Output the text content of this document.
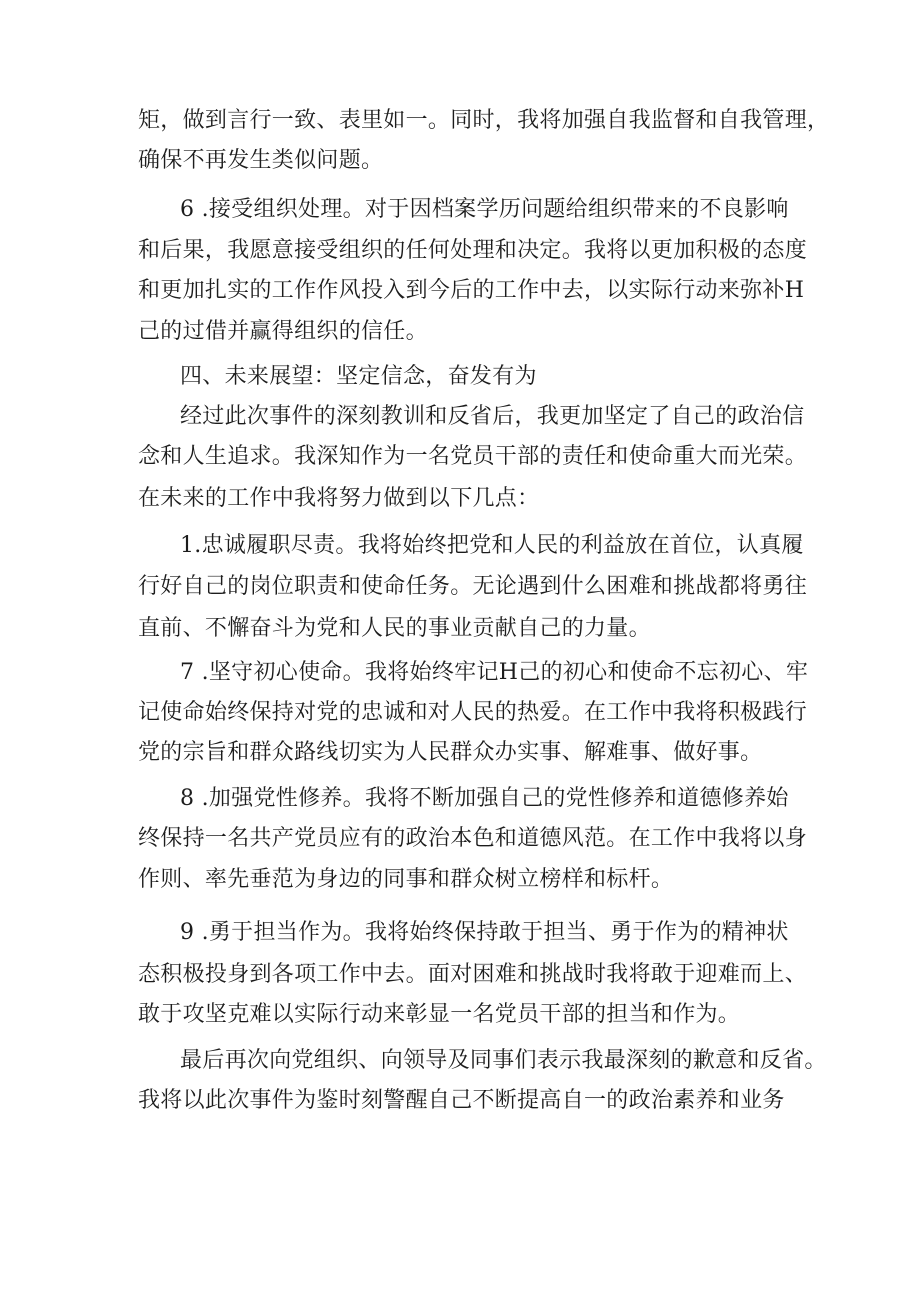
矩，做到言行一致、表里如一。同时，我将加强自我监督和自我管理，
确保不再发生类似问题。
6 .接受组织处理。对于因档案学历问题给组织带来的不良影响
和后果，我愿意接受组织的任何处理和决定。我将以更加积极的态度
和更加扎实的工作作风投入到今后的工作中去，以实际行动来弥补H
己的过借并赢得组织的信任。
四、未来展望：坚定信念，奋发有为
经过此次事件的深刻教训和反省后，我更加坚定了自己的政治信
念和人生追求。我深知作为一名党员干部的责任和使命重大而光荣。
在未来的工作中我将努力做到以下几点：
1.忠诚履职尽责。我将始终把党和人民的利益放在首位，认真履
行好自己的岗位职责和使命任务。无论遇到什么困难和挑战都将勇往
直前、不懈奋斗为党和人民的事业贡献自己的力量。
7 .坚守初心使命。我将始终牢记H己的初心和使命不忘初心、牢
记使命始终保持对党的忠诚和对人民的热爱。在工作中我将积极践行
党的宗旨和群众路线切实为人民群众办实事、解难事、做好事。
8 .加强党性修养。我将不断加强自己的党性修养和道德修养始
终保持一名共产党员应有的政治本色和道德风范。在工作中我将以身
作则、率先垂范为身边的同事和群众树立榜样和标杆。
9 .勇于担当作为。我将始终保持敢于担当、勇于作为的精神状
态积极投身到各项工作中去。面对困难和挑战时我将敢于迎难而上、
敢于攻坚克难以实际行动来彰显一名党员干部的担当和作为。
最后再次向党组织、向领导及同事们表示我最深刻的歉意和反省。
我将以此次事件为鉴时刻警醒自己不断提高自一的政治素养和业务
